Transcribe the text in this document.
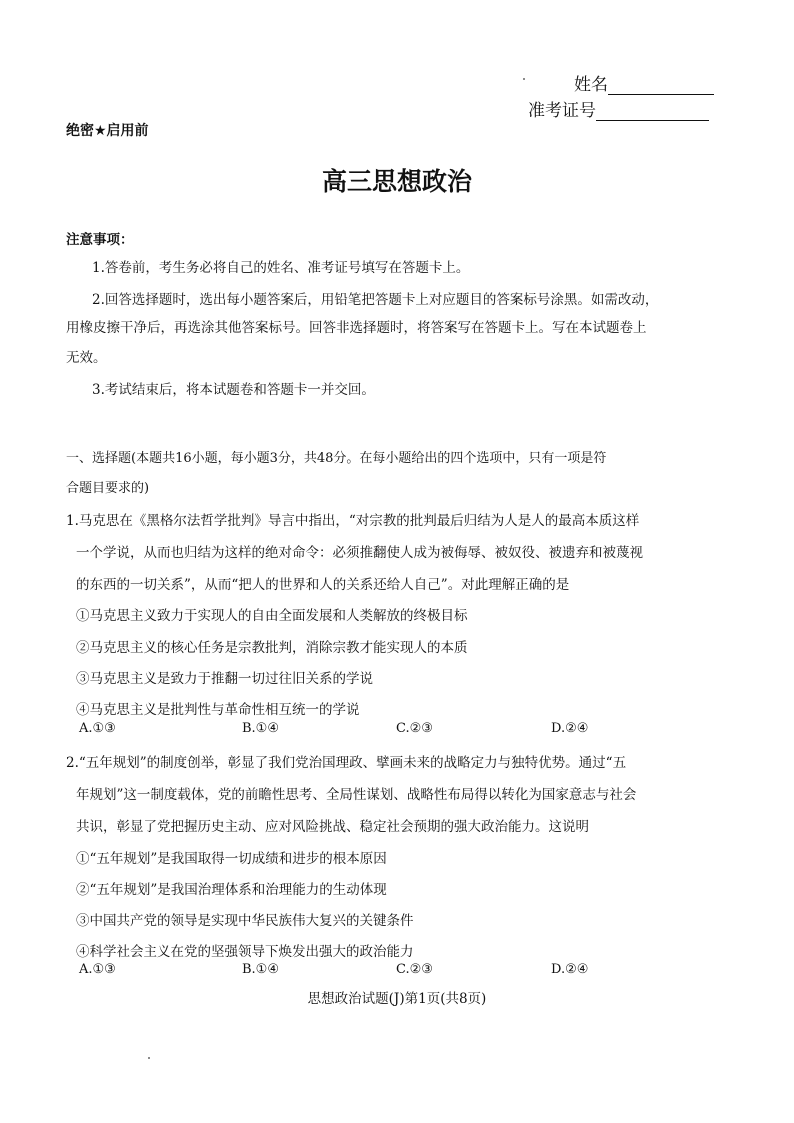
姓名
准考证号
绝密★启用前
高三思想政治
注意事项：
1.答卷前，考生务必将自己的姓名、准考证号填写在答题卡上。
2.回答选择题时，选出每小题答案后，用铅笔把答题卡上对应题目的答案标号涂黑。如需改动，
用橡皮擦干净后，再选涂其他答案标号。回答非选择题时，将答案写在答题卡上。写在本试题卷上
无效。
3.考试结束后，将本试题卷和答题卡一并交回。
一、选择题(本题共16小题，每小题3分，共48分。在每小题给出的四个选项中，只有一项是符
合题目要求的)
1.马克思在《黑格尔法哲学批判》导言中指出，“对宗教的批判最后归结为人是人的最高本质这样
一个学说，从而也归结为这样的绝对命令：必须推翻使人成为被侮辱、被奴役、被遗弃和被蔑视
的东西的一切关系”，从而“把人的世界和人的关系还给人自己”。对此理解正确的是
①马克思主义致力于实现人的自由全面发展和人类解放的终极目标
②马克思主义的核心任务是宗教批判，消除宗教才能实现人的本质
③马克思主义是致力于推翻一切过往旧关系的学说
④马克思主义是批判性与革命性相互统一的学说
A.①③	B.①④	C.②③	D.②④
2.“五年规划”的制度创举，彰显了我们党治国理政、擘画未来的战略定力与独特优势。通过“五
年规划”这一制度载体，党的前瞻性思考、全局性谋划、战略性布局得以转化为国家意志与社会
共识，彰显了党把握历史主动、应对风险挑战、稳定社会预期的强大政治能力。这说明
①“五年规划”是我国取得一切成绩和进步的根本原因
②“五年规划”是我国治理体系和治理能力的生动体现
③中国共产党的领导是实现中华民族伟大复兴的关键条件
④科学社会主义在党的坚强领导下焕发出强大的政治能力
A.①③	B.①④	C.②③	D.②④
思想政治试题(J)第1页(共8页)
